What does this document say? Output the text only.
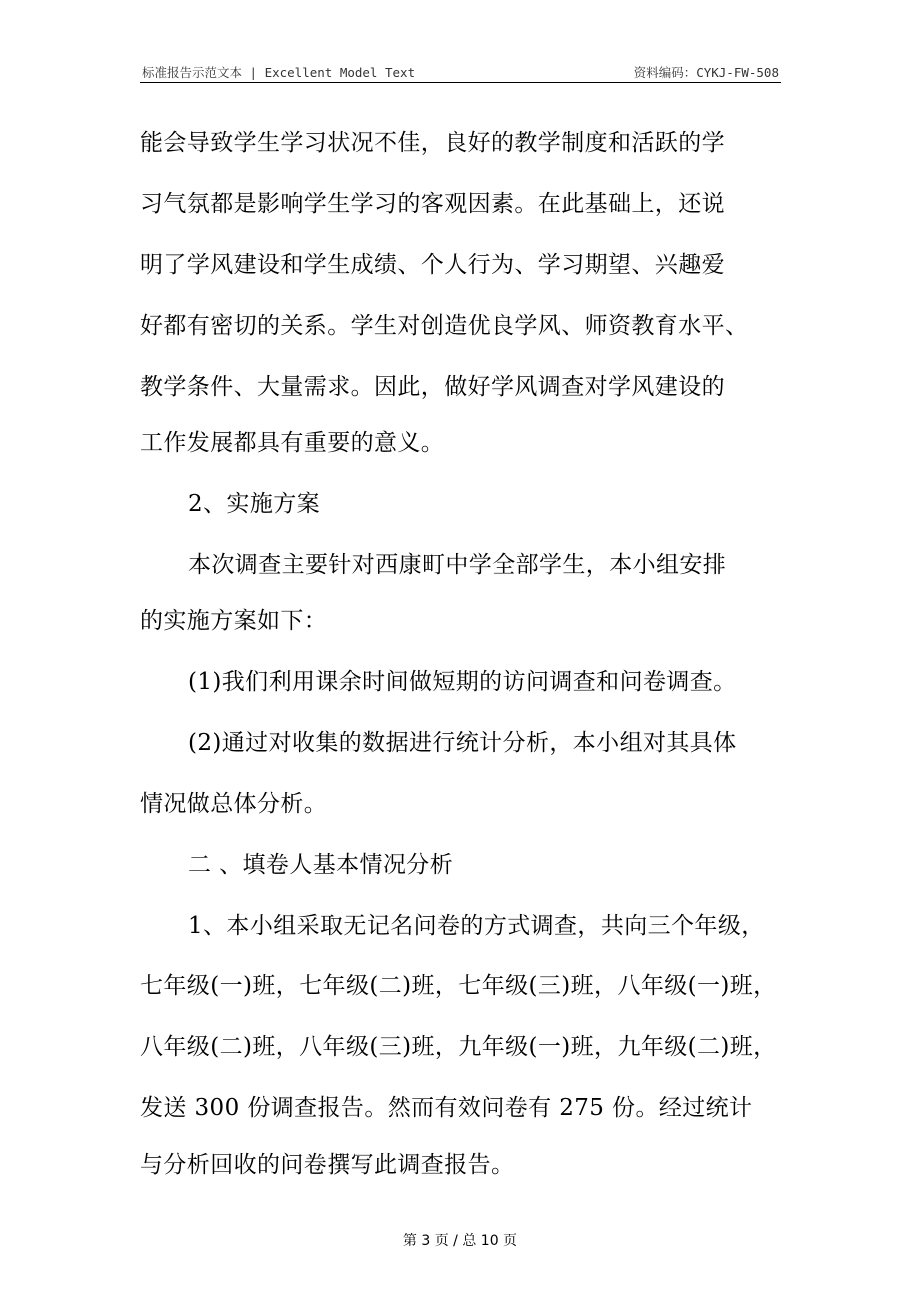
标准报告示范文本 | Excellent Model Text	资料编码：CYKJ-FW-508
能会导致学生学习状况不佳，良好的教学制度和活跃的学
习气氛都是影响学生学习的客观因素。在此基础上，还说
明了学风建设和学生成绩、个人行为、学习期望、兴趣爱
好都有密切的关系。学生对创造优良学风、师资教育水平、
教学条件、大量需求。因此，做好学风调查对学风建设的
工作发展都具有重要的意义。
2、实施方案
本次调查主要针对西康町中学全部学生，本小组安排
的实施方案如下：
(1)我们利用课余时间做短期的访问调查和问卷调查。
(2)通过对收集的数据进行统计分析，本小组对其具体
情况做总体分析。
二 、填卷人基本情况分析
1、本小组采取无记名问卷的方式调查，共向三个年级，
七年级(一)班，七年级(二)班，七年级(三)班，八年级(一)班，
八年级(二)班，八年级(三)班，九年级(一)班，九年级(二)班，
发送 300 份调查报告。然而有效问卷有 275 份。经过统计
与分析回收的问卷撰写此调查报告。
第 3 页 / 总 10 页
